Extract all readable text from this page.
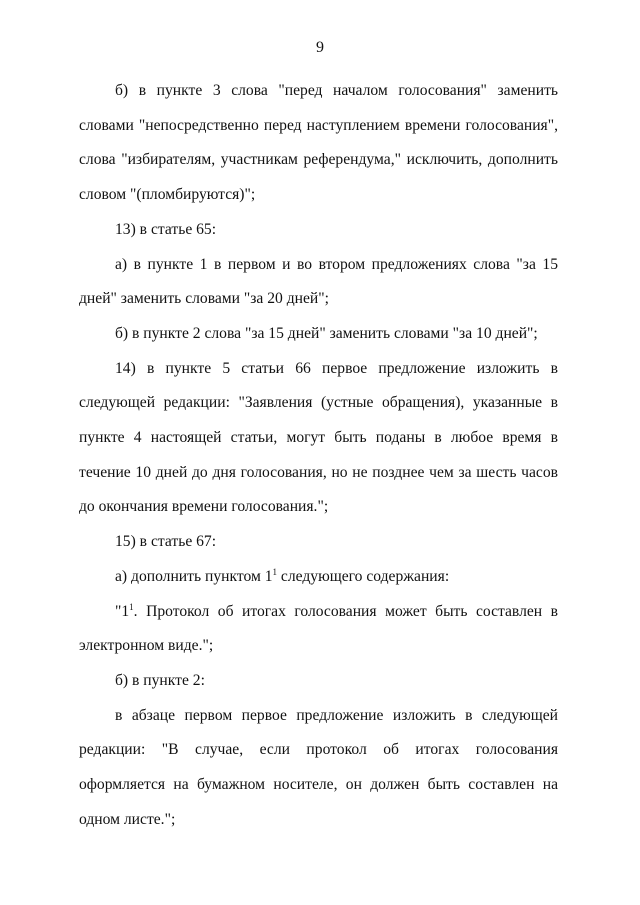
9

б) в пункте 3 слова "перед началом голосования" заменить словами "непосредственно перед наступлением времени голосования", слова "избирателям, участникам референдума," исключить, дополнить словом "(пломбируются)";

13) в статье 65:

а) в пункте 1 в первом и во втором предложениях слова "за 15 дней" заменить словами "за 20 дней";

б) в пункте 2 слова "за 15 дней" заменить словами "за 10 дней";

14) в пункте 5 статьи 66 первое предложение изложить в следующей редакции: "Заявления (устные обращения), указанные в пункте 4 настоящей статьи, могут быть поданы в любое время в течение 10 дней до дня голосования, но не позднее чем за шесть часов до окончания времени голосования.";

15) в статье 67:

а) дополнить пунктом $1^1$ следующего содержания:

"$1^1$. Протокол об итогах голосования может быть составлен в электронном виде.";

б) в пункте 2:

в абзаце первом первое предложение изложить в следующей редакции: "В случае, если протокол об итогах голосования оформляется на бумажном носителе, он должен быть составлен на одном листе.";
